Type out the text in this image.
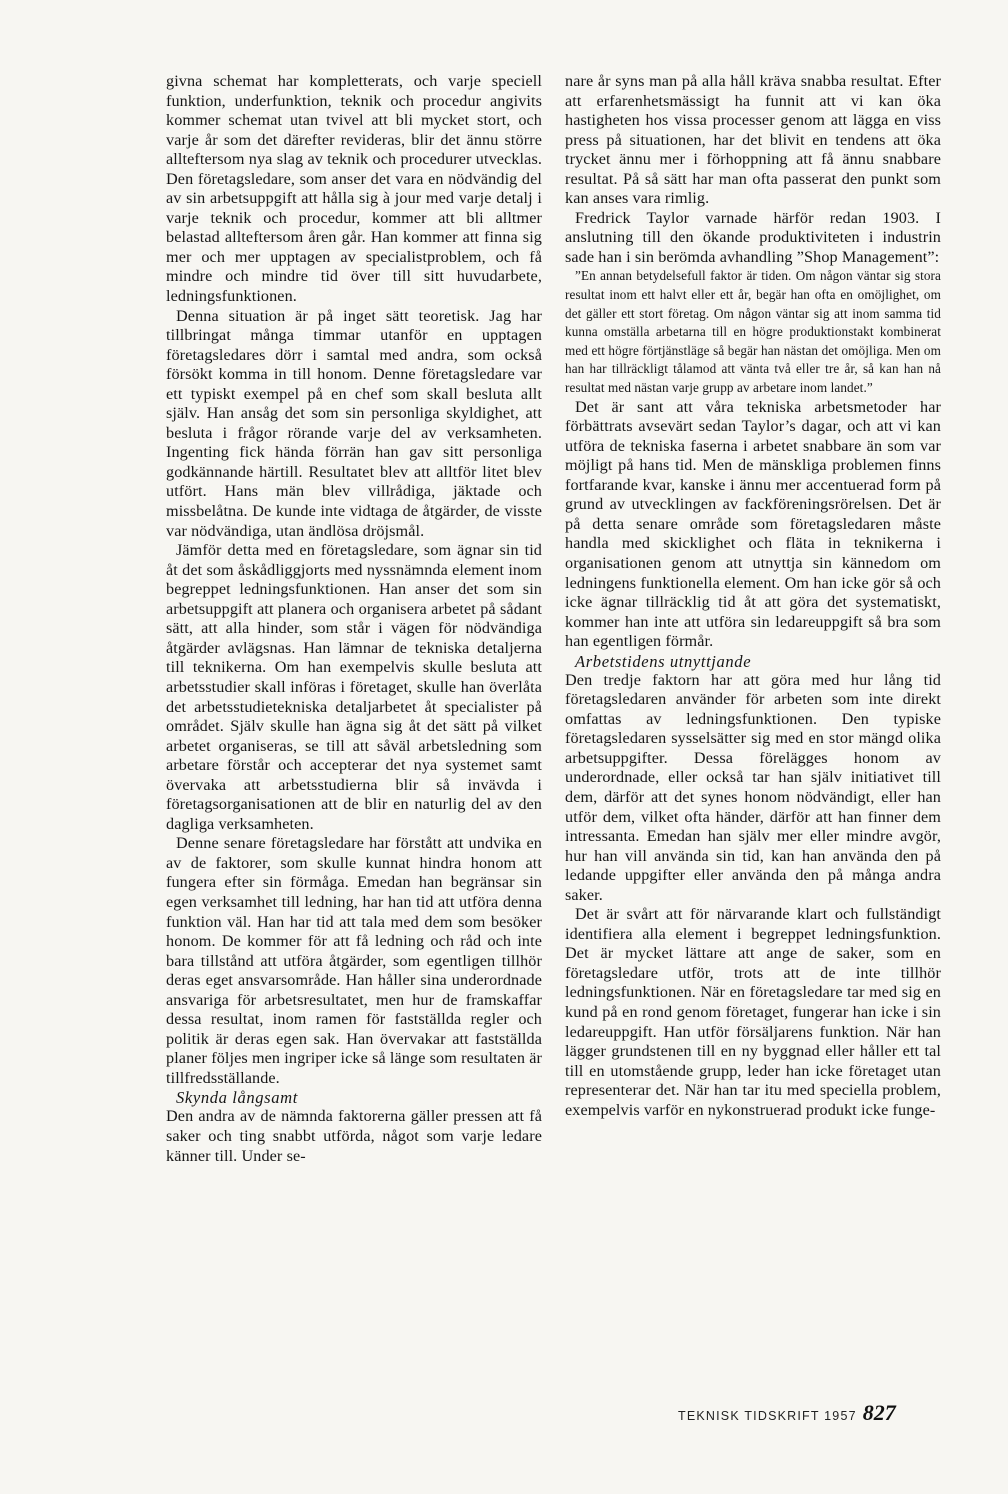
givna schemat har kompletterats, och varje speciell funktion, underfunktion, teknik och procedur angivits kommer schemat utan tvivel att bli mycket stort, och varje år som det därefter revideras, blir det ännu större allteftersom nya slag av teknik och procedurer utvecklas. Den företagsledare, som anser det vara en nödvändig del av sin arbetsuppgift att hålla sig à jour med varje detalj i varje teknik och procedur, kommer att bli alltmer belastad allteftersom åren går. Han kommer att finna sig mer och mer upptagen av specialistproblem, och få mindre och mindre tid över till sitt huvudarbete, ledningsfunktionen.

Denna situation är på inget sätt teoretisk. Jag har tillbringat många timmar utanför en upptagen företagsledares dörr i samtal med andra, som också försökt komma in till honom. Denne företagsledare var ett typiskt exempel på en chef som skall besluta allt själv. Han ansåg det som sin personliga skyldighet, att besluta i frågor rörande varje del av verksamheten. Ingenting fick hända förrän han gav sitt personliga godkännande härtill. Resultatet blev att alltför litet blev utfört. Hans män blev villrådiga, jäktade och missbelåtna. De kunde inte vidtaga de åtgärder, de visste var nödvändiga, utan ändlösa dröjsmål.

Jämför detta med en företagsledare, som ägnar sin tid åt det som åskådliggjorts med nyssnämnda element inom begreppet ledningsfunktionen. Han anser det som sin arbetsuppgift att planera och organisera arbetet på sådant sätt, att alla hinder, som står i vägen för nödvändiga åtgärder avlägsnas. Han lämnar de tekniska detaljerna till teknikerna. Om han exempelvis skulle besluta att arbetsstudier skall införas i företaget, skulle han överlåta det arbetsstudietekniska detaljarbetet åt specialister på området. Själv skulle han ägna sig åt det sätt på vilket arbetet organiseras, se till att såväl arbetsledning som arbetare förstår och accepterar det nya systemet samt övervaka att arbetsstudierna blir så invävda i företagsorganisationen att de blir en naturlig del av den dagliga verksamheten.

Denne senare företagsledare har förstått att undvika en av de faktorer, som skulle kunnat hindra honom att fungera efter sin förmåga. Emedan han begränsar sin egen verksamhet till ledning, har han tid att utföra denna funktion väl. Han har tid att tala med dem som besöker honom. De kommer för att få ledning och råd och inte bara tillstånd att utföra åtgärder, som egentligen tillhör deras eget ansvarsområde. Han håller sina underordnade ansvariga för arbetsresultatet, men hur de framskaffar dessa resultat, inom ramen för fastställda regler och politik är deras egen sak. Han övervakar att fastställda planer följes men ingriper icke så länge som resultaten är tillfredsställande.

Skynda långsamt

Den andra av de nämnda faktorerna gäller pressen att få saker och ting snabbt utförda, något som varje ledare känner till. Under se-

nare år syns man på alla håll kräva snabba resultat. Efter att erfarenhetsmässigt ha funnit att vi kan öka hastigheten hos vissa processer genom att lägga en viss press på situationen, har det blivit en tendens att öka trycket ännu mer i förhoppning att få ännu snabbare resultat. På så sätt har man ofta passerat den punkt som kan anses vara rimlig.

Fredrick Taylor varnade härför redan 1903. I anslutning till den ökande produktiviteten i industrin sade han i sin berömda avhandling ”Shop Management”:

”En annan betydelsefull faktor är tiden. Om någon väntar sig stora resultat inom ett halvt eller ett år, begär han ofta en omöjlighet, om det gäller ett stort företag. Om någon väntar sig att inom samma tid kunna omställa arbetarna till en högre produktionstakt kombinerat med ett högre förtjänstläge så begär han nästan det omöjliga. Men om han har tillräckligt tålamod att vänta två eller tre år, så kan han nå resultat med nästan varje grupp av arbetare inom landet.”

Det är sant att våra tekniska arbetsmetoder har förbättrats avsevärt sedan Taylor’s dagar, och att vi kan utföra de tekniska faserna i arbetet snabbare än som var möjligt på hans tid. Men de mänskliga problemen finns fortfarande kvar, kanske i ännu mer accentuerad form på grund av utvecklingen av fackföreningsrörelsen. Det är på detta senare område som företagsledaren måste handla med skicklighet och fläta in teknikerna i organisationen genom att utnyttja sin kännedom om ledningens funktionella element. Om han icke gör så och icke ägnar tillräcklig tid åt att göra det systematiskt, kommer han inte att utföra sin ledareuppgift så bra som han egentligen förmår.

Arbetstidens utnyttjande

Den tredje faktorn har att göra med hur lång tid företagsledaren använder för arbeten som inte direkt omfattas av ledningsfunktionen. Den typiske företagsledaren sysselsätter sig med en stor mängd olika arbetsuppgifter. Dessa förelägges honom av underordnade, eller också tar han själv initiativet till dem, därför att det synes honom nödvändigt, eller han utför dem, vilket ofta händer, därför att han finner dem intressanta. Emedan han själv mer eller mindre avgör, hur han vill använda sin tid, kan han använda den på ledande uppgifter eller använda den på många andra saker.

Det är svårt att för närvarande klart och fullständigt identifiera alla element i begreppet ledningsfunktion. Det är mycket lättare att ange de saker, som en företagsledare utför, trots att de inte tillhör ledningsfunktionen. När en företagsledare tar med sig en kund på en rond genom företaget, fungerar han icke i sin ledareuppgift. Han utför försäljarens funktion. När han lägger grundstenen till en ny byggnad eller håller ett tal till en utomstående grupp, leder han icke företaget utan representerar det. När han tar itu med speciella problem, exempelvis varför en nykonstruerad produkt icke funge-

TEKNISK TIDSKRIFT 1957 827
